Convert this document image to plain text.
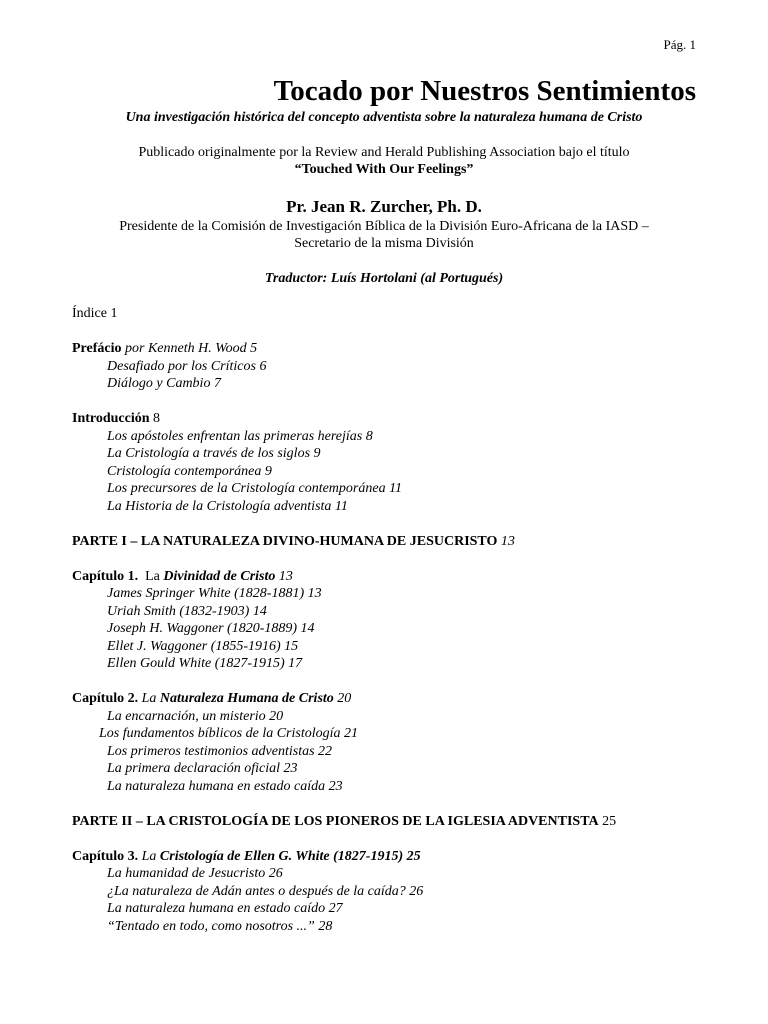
Pág. 1
Tocado por Nuestros Sentimientos
Una investigación histórica del concepto adventista sobre la naturaleza humana de Cristo
Publicado originalmente por la Review and Herald Publishing Association bajo el título
“Touched With Our Feelings”
Pr. Jean R. Zurcher, Ph. D.
Presidente de la Comisión de Investigación Bíblica de la División Euro-Africana de la IASD –
Secretario de la misma División
Traductor: Luís Hortolani (al Portugués)
Índice 1
Prefácio por Kenneth H. Wood 5
Desafiado por los Críticos 6
Diálogo y Cambio 7
Introducción 8
Los apóstoles enfrentan las primeras herejías 8
La Cristología a través de los siglos 9
Cristología contemporánea 9
Los precursores de la Cristología contemporánea 11
La Historia de la Cristología adventista 11
PARTE I – LA NATURALEZA DIVINO-HUMANA DE JESUCRISTO 13
Capítulo 1.  La Divinidad de Cristo 13
James Springer White (1828-1881) 13
Uriah Smith (1832-1903) 14
Joseph H. Waggoner (1820-1889) 14
Ellet J. Waggoner (1855-1916) 15
Ellen Gould White (1827-1915) 17
Capítulo 2. La Naturaleza Humana de Cristo 20
La encarnación, un misterio 20
Los fundamentos bíblicos de la Cristología 21
Los primeros testimonios adventistas 22
La primera declaración oficial 23
La naturaleza humana en estado caída 23
PARTE II – LA CRISTOLOGÍA DE LOS PIONEROS DE LA IGLESIA ADVENTISTA 25
Capítulo 3. La Cristología de Ellen G. White (1827-1915) 25
La humanidad de Jesucristo 26
¿La naturaleza de Adán antes o después de la caída? 26
La naturaleza humana en estado caído 27
“Tentado en todo, como nosotros ...” 28
